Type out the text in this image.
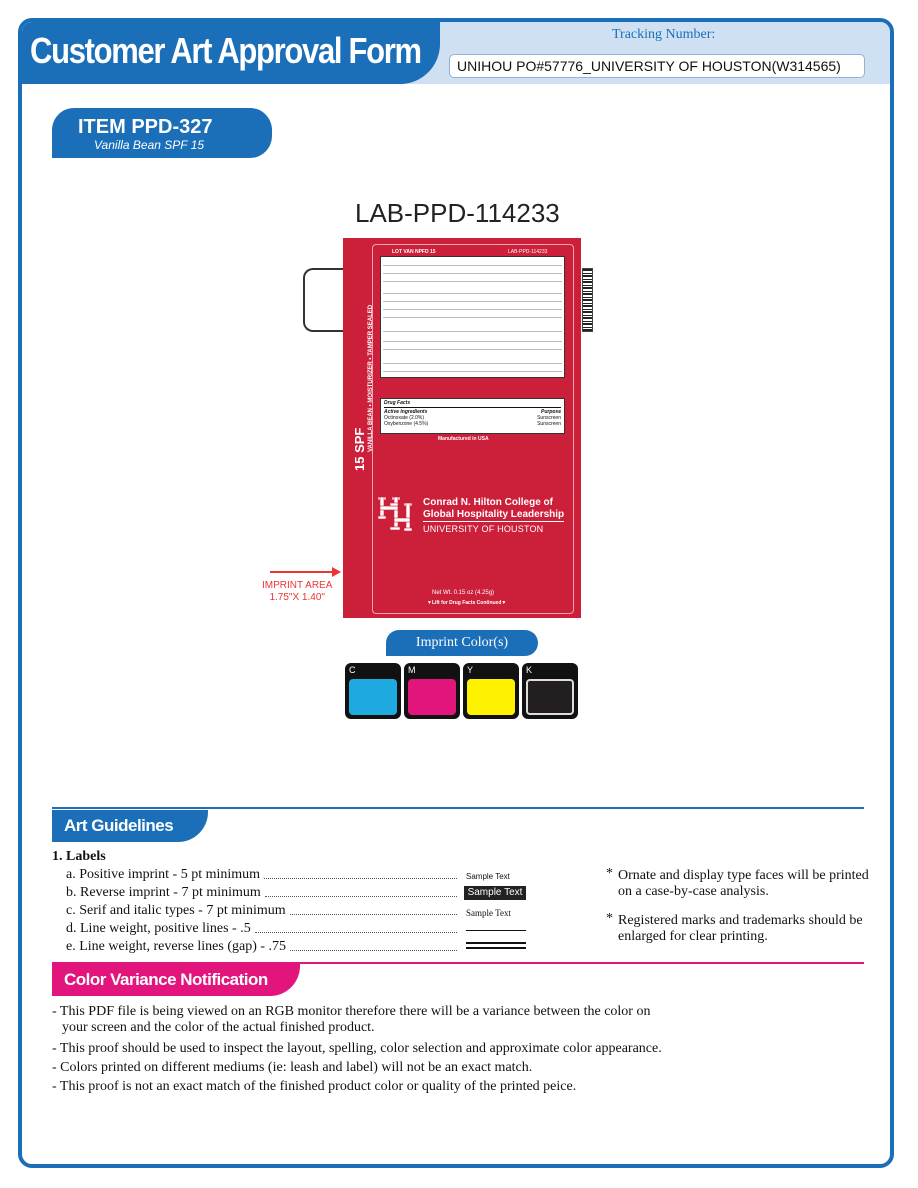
Customer Art Approval Form	Tracking Number:
UNIHOU PO#57776_UNIVERSITY OF HOUSTON(W314565)
ITEM PPD-327
Vanilla Bean SPF 15
LAB-PPD-114233
15 SPF VANILLA BEAN • MOISTURIZER • TAMPER SEALED
LOT VAN NPFD 15	LAB-PPD-114233
Drug Facts
Active ingredients	Purpose
Octinoxate (2.0%)	Sunscreen
Oxybenzone (4.5%)	Sunscreen
Manufactured in USA
Conrad N. Hilton College of
Global Hospitality Leadership
UNIVERSITY OF HOUSTON
Net Wt. 0.15 oz (4.25g)
▼Lift for Drug Facts Continued▼
IMPRINT AREA
1.75"X 1.40"
Imprint Color(s)
C	M	Y	K
Art Guidelines
1. Labels
a. Positive imprint - 5 pt minimum	Sample Text
b. Reverse imprint - 7 pt minimum	Sample Text
c. Serif and italic types - 7 pt minimum	Sample Text
d. Line weight, positive lines - .5
e. Line weight, reverse lines (gap) - .75
* Ornate and display type faces will be printed on a case-by-case analysis.
* Registered marks and trademarks should be enlarged for clear printing.
Color Variance Notification
- This PDF file is being viewed on an RGB monitor therefore there will be a variance between the color on
your screen and the color of the actual finished product.
- This proof should be used to inspect the layout, spelling, color selection and approximate color appearance.
- Colors printed on different mediums (ie: leash and label) will not be an exact match.
- This proof is not an exact match of the finished product color or quality of the printed peice.
